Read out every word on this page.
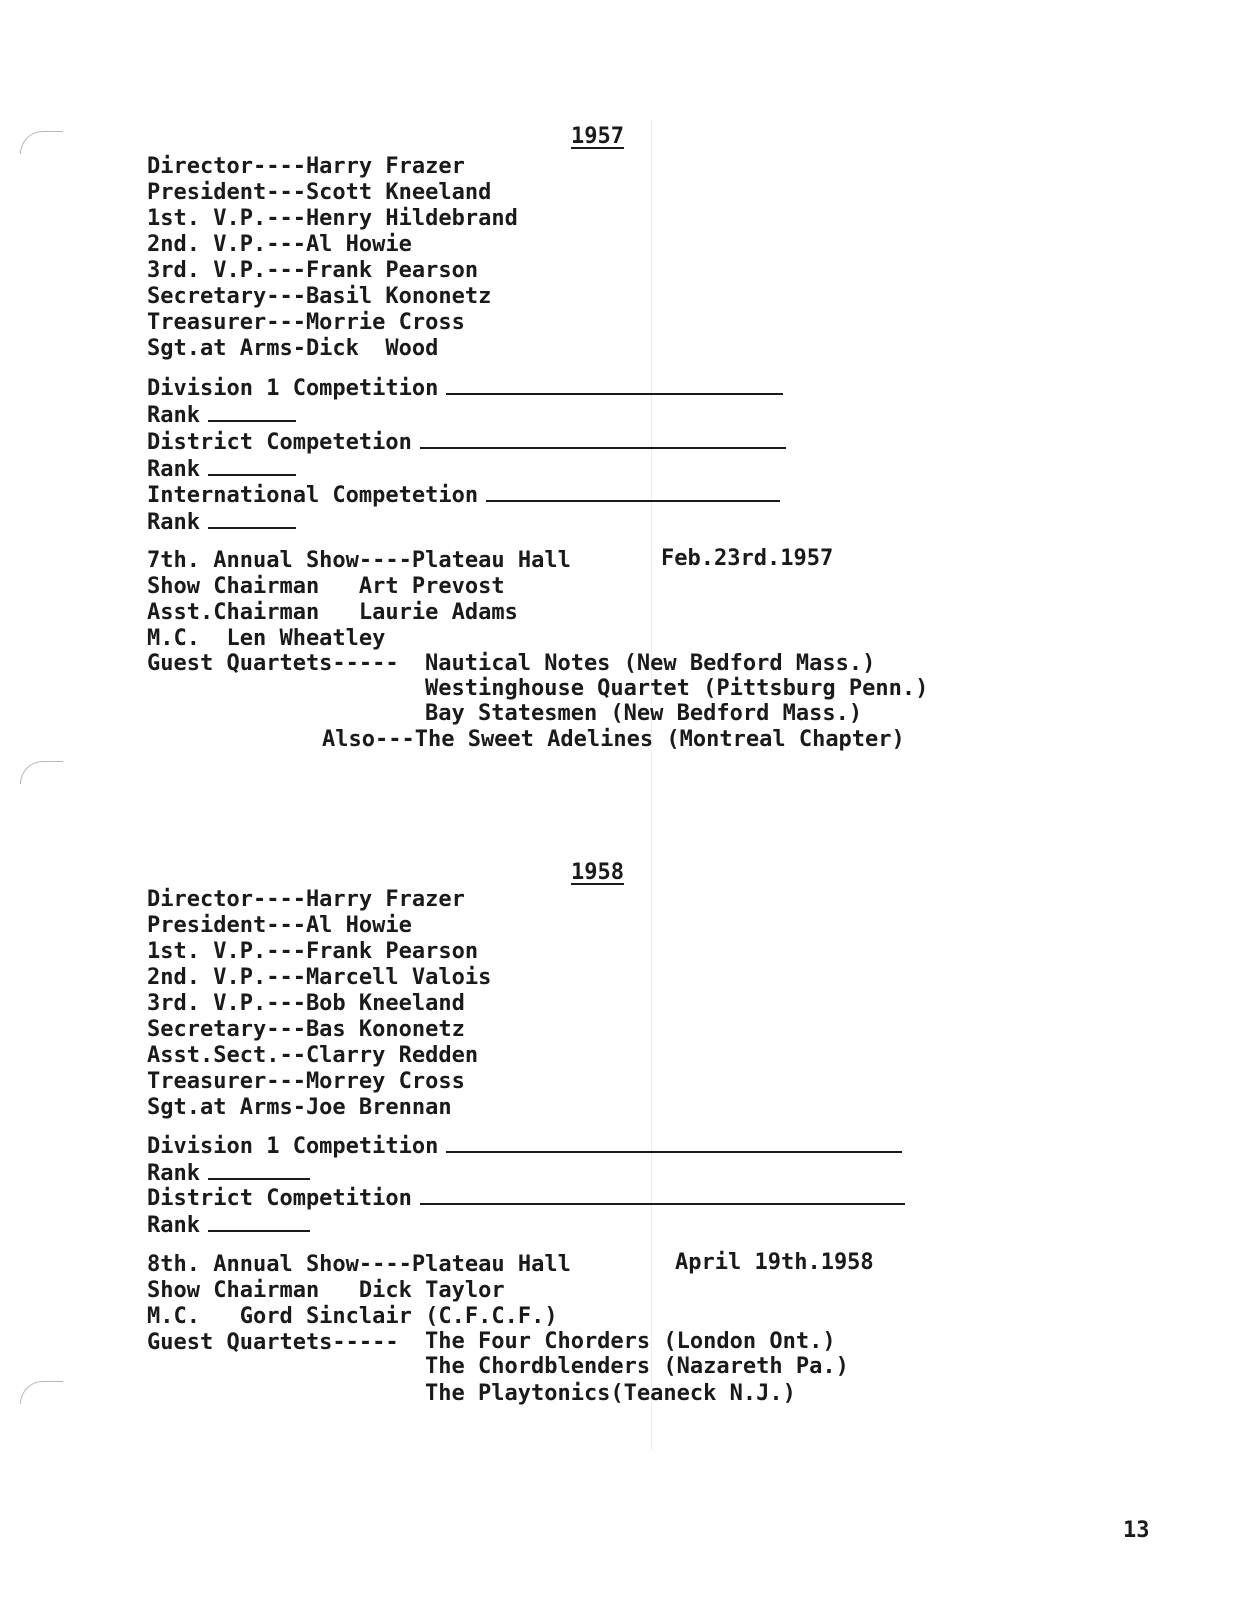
1957
Director----Harry Frazer
President---Scott Kneeland
1st. V.P.---Henry Hildebrand
2nd. V.P.---Al Howie
3rd. V.P.---Frank Pearson
Secretary---Basil Kononetz
Treasurer---Morrie Cross
Sgt.at Arms-Dick  Wood
Division 1 Competition
Rank
District Competetion
Rank
International Competetion
Rank
7th. Annual Show----Plateau Hall	Feb.23rd.1957
Show Chairman   Art Prevost
Asst.Chairman   Laurie Adams
M.C.  Len Wheatley
Guest Quartets----- Nautical Notes (New Bedford Mass.)
Westinghouse Quartet (Pittsburg Penn.)
Bay Statesmen (New Bedford Mass.)
Also---The Sweet Adelines (Montreal Chapter)
1958
Director----Harry Frazer
President---Al Howie
1st. V.P.---Frank Pearson
2nd. V.P.---Marcell Valois
3rd. V.P.---Bob Kneeland
Secretary---Bas Kononetz
Asst.Sect.--Clarry Redden
Treasurer---Morrey Cross
Sgt.at Arms-Joe Brennan
Division 1 Competition
Rank
District Competition
Rank
8th. Annual Show----Plateau Hall	April 19th.1958
Show Chairman   Dick Taylor
M.C.   Gord Sinclair (C.F.C.F.)
Guest Quartets----- The Four Chorders (London Ont.)
The Chordblenders (Nazareth Pa.)
The Playtonics(Teaneck N.J.)
13
